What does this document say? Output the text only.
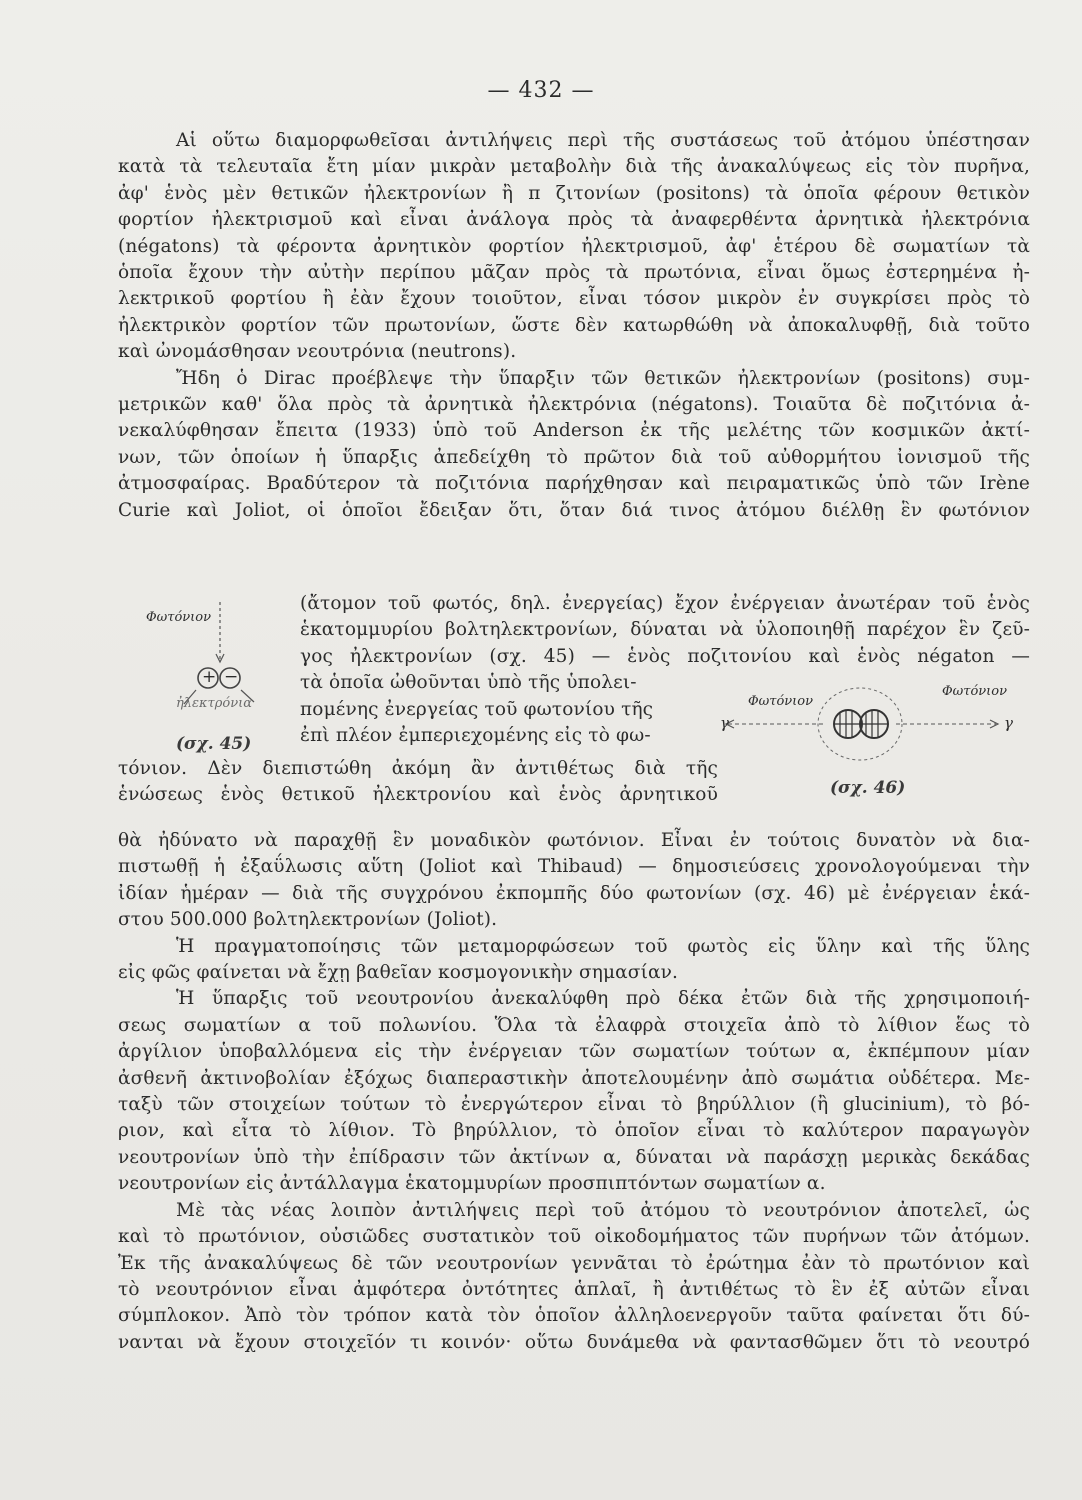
— 432 —
Αἱ οὕτω διαμορφωθεῖσαι ἀντιλήψεις περὶ τῆς συστάσεως τοῦ ἀτόμου ὑπέστησαν
κατὰ τὰ τελευταῖα ἔτη μίαν μικρὰν μεταβολὴν διὰ τῆς ἀνακαλύψεως εἰς τὸν πυρῆνα,
ἀφ' ἑνὸς μὲν θετικῶν ἠλεκτρονίων ἢ π ζιτονίων (positons) τὰ ὁποῖα φέρουν θετικὸν
φορτίον ἠλεκτρισμοῦ καὶ εἶναι ἀνάλογα πρὸς τὰ ἀναφερθέντα ἀρνητικὰ ἠλεκτρόνια
(négatons) τὰ φέροντα ἀρνητικὸν φορτίον ἠλεκτρισμοῦ, ἀφ' ἑτέρου δὲ σωματίων τὰ
ὁποῖα ἔχουν τὴν αὐτὴν περίπου μᾶζαν πρὸς τὰ πρωτόνια, εἶναι ὅμως ἐστερημένα ἠ-
λεκτρικοῦ φορτίου ἢ ἐὰν ἔχουν τοιοῦτον, εἶναι τόσον μικρὸν ἐν συγκρίσει πρὸς τὸ
ἠλεκτρικὸν φορτίον τῶν πρωτονίων, ὥστε δὲν κατωρθώθη νὰ ἀποκαλυφθῇ, διὰ τοῦτο
καὶ ὠνομάσθησαν νεουτρόνια (neutrons).
Ἤδη ὁ Dirac προέβλεψε τὴν ὕπαρξιν τῶν θετικῶν ἠλεκτρονίων (positons) συμ-
μετρικῶν καθ' ὅλα πρὸς τὰ ἀρνητικὰ ἠλεκτρόνια (négatons). Τοιαῦτα δὲ ποζιτόνια ἀ-
νεκαλύφθησαν ἔπειτα (1933) ὑπὸ τοῦ Anderson ἐκ τῆς μελέτης τῶν κοσμικῶν ἀκτί-
νων, τῶν ὁποίων ἡ ὕπαρξις ἀπεδείχθη τὸ πρῶτον διὰ τοῦ αὐθορμήτου ἰονισμοῦ τῆς
ἀτμοσφαίρας. Βραδύτερον τὰ ποζιτόνια παρήχθησαν καὶ πειραματικῶς ὑπὸ τῶν Irène
Curie καὶ Joliot, οἱ ὁποῖοι ἔδειξαν ὅτι, ὅταν διά τινος ἀτόμου διέλθῃ ἓν φωτόνιον
(ἄτομον τοῦ φωτός, δηλ. ἐνεργείας) ἔχον ἐνέργειαν ἀνωτέραν τοῦ ἑνὸς
ἑκατομμυρίου βολτηλεκτρονίων, δύναται νὰ ὑλοποιηθῇ παρέχον ἓν ζεῦ-
γος ἠλεκτρονίων (σχ. 45) — ἑνὸς ποζιτονίου καὶ ἑνὸς négaton —
τὰ ὁποῖα ὠθοῦνται ὑπὸ τῆς ὑπολει-
πομένης ἐνεργείας τοῦ φωτονίου τῆς
ἐπὶ πλέον ἐμπεριεχομένης εἰς τὸ φω-
τόνιον. Δὲν διεπιστώθη ἀκόμη ἂν ἀντιθέτως διὰ τῆς
ἑνώσεως ἑνὸς θετικοῦ ἠλεκτρονίου καὶ ἑνὸς ἀρνητικοῦ
θὰ ἠδύνατο νὰ παραχθῇ ἓν μοναδικὸν φωτόνιον. Εἶναι ἐν τούτοις δυνατὸν νὰ δια-
πιστωθῇ ἡ ἐξαΰλωσις αὕτη (Joliot καὶ Thibaud) — δημοσιεύσεις χρονολογούμεναι τὴν
ἰδίαν ἡμέραν — διὰ τῆς συγχρόνου ἐκπομπῆς δύο φωτονίων (σχ. 46) μὲ ἐνέργειαν ἑκά-
στου 500.000 βολτηλεκτρονίων (Joliot).
Ἡ πραγματοποίησις τῶν μεταμορφώσεων τοῦ φωτὸς εἰς ὕλην καὶ τῆς ὕλης
εἰς φῶς φαίνεται νὰ ἔχῃ βαθεῖαν κοσμογονικὴν σημασίαν.
Ἡ ὕπαρξις τοῦ νεουτρονίου ἀνεκαλύφθη πρὸ δέκα ἐτῶν διὰ τῆς χρησιμοποιή-
σεως σωματίων α τοῦ πολωνίου. Ὅλα τὰ ἐλαφρὰ στοιχεῖα ἀπὸ τὸ λίθιον ἕως τὸ
ἀργίλιον ὑποβαλλόμενα εἰς τὴν ἐνέργειαν τῶν σωματίων τούτων α, ἐκπέμπουν μίαν
ἀσθενῆ ἀκτινοβολίαν ἐξόχως διαπεραστικὴν ἀποτελουμένην ἀπὸ σωμάτια οὐδέτερα. Με-
ταξὺ τῶν στοιχείων τούτων τὸ ἐνεργώτερον εἶναι τὸ βηρύλλιον (ἢ glucinium), τὸ βό-
ριον, καὶ εἶτα τὸ λίθιον. Τὸ βηρύλλιον, τὸ ὁποῖον εἶναι τὸ καλύτερον παραγωγὸν
νεουτρονίων ὑπὸ τὴν ἐπίδρασιν τῶν ἀκτίνων α, δύναται νὰ παράσχῃ μερικὰς δεκάδας
νεουτρονίων εἰς ἀντάλλαγμα ἑκατομμυρίων προσπιπτόντων σωματίων α.
Μὲ τὰς νέας λοιπὸν ἀντιλήψεις περὶ τοῦ ἀτόμου τὸ νεουτρόνιον ἀποτελεῖ, ὡς
καὶ τὸ πρωτόνιον, οὐσιῶδες συστατικὸν τοῦ οἰκοδομήματος τῶν πυρήνων τῶν ἀτόμων.
Ἐκ τῆς ἀνακαλύψεως δὲ τῶν νεουτρονίων γεννᾶται τὸ ἐρώτημα ἐὰν τὸ πρωτόνιον καὶ
τὸ νεουτρόνιον εἶναι ἀμφότερα ὀντότητες ἁπλαῖ, ἢ ἀντιθέτως τὸ ἓν ἐξ αὐτῶν εἶναι
σύμπλοκον. Ἀπὸ τὸν τρόπον κατὰ τὸν ὁποῖον ἀλληλοενεργοῦν ταῦτα φαίνεται ὅτι δύ-
νανται νὰ ἔχουν στοιχεῖόν τι κοινόν· οὕτω δυνάμεθα νὰ φαντασθῶμεν ὅτι τὸ νεουτρό
Φωτόνιον
+ −
ἠλεκτρόνια
(σχ. 45)
Φωτόνιον
Φωτόνιον
γ	γ
(σχ. 46)
